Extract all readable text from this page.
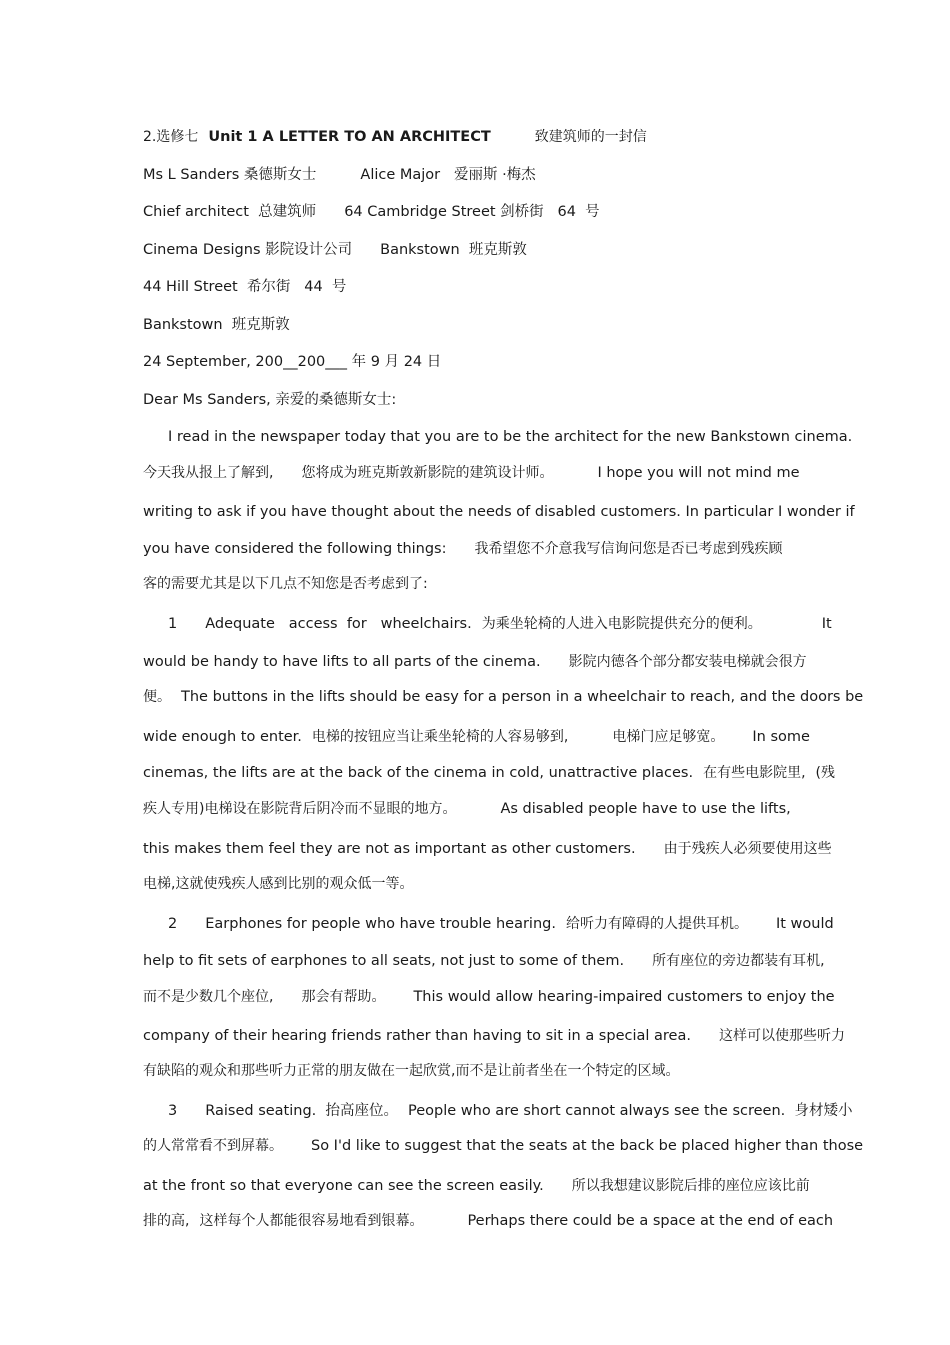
2.选修七 Unit 1 A LETTER TO AN ARCHITECT	致建筑师的一封信
Ms L Sanders 桑德斯女士	Alice Major   爱丽斯 ·梅杰
Chief architect  总建筑师 64 Cambridge Street 剑桥街   64  号
Cinema Designs 影院设计公司 Bankstown  班克斯敦
44 Hill Street  希尔街   44  号
Bankstown  班克斯敦
24 September, 200__200___ 年 9 月 24 日
Dear Ms Sanders, 亲爱的桑德斯女士:
I read in the newspaper today that you are to be the architect for the new Bankstown cinema.
今天我从报上了解到, 您将成为班克斯敦新影院的建筑设计师。	I hope you will not mind me
writing to ask if you have thought about the needs of disabled customers. In particular I wonder if
you have considered the following things: 我希望您不介意我写信询问您是否已考虑到残疾顾
客的需要尤其是以下几点不知您是否考虑到了:
1 Adequate   access  for   wheelchairs. 为乘坐轮椅的人进入电影院提供充分的便利。	It
would be handy to have lifts to all parts of the cinema. 影院内德各个部分都安装电梯就会很方
便。 The buttons in the lifts should be easy for a person in a wheelchair to reach, and the doors be
wide enough to enter. 电梯的按钮应当让乘坐轮椅的人容易够到,	电梯门应足够宽。 In some
cinemas, the lifts are at the back of the cinema in cold, unattractive places. 在有些电影院里, (残
疾人专用)电梯设在影院背后阴冷而不显眼的地方。	As disabled people have to use the lifts,
this makes them feel they are not as important as other customers. 由于残疾人必须要使用这些
电梯,这就使残疾人感到比别的观众低一等。
2 Earphones for people who have trouble hearing. 给听力有障碍的人提供耳机。 It would
help to fit sets of earphones to all seats, not just to some of them. 所有座位的旁边都装有耳机,
而不是少数几个座位, 那会有帮助。 This would allow hearing-impaired customers to enjoy the
company of their hearing friends rather than having to sit in a special area. 这样可以使那些听力
有缺陷的观众和那些听力正常的朋友做在一起欣赏,而不是让前者坐在一个特定的区域。
3 Raised seating.  抬高座位。 People who are short cannot always see the screen.  身材矮小
的人常常看不到屏幕。 So I'd like to suggest that the seats at the back be placed higher than those
at the front so that everyone can see the screen easily. 所以我想建议影院后排的座位应该比前
排的高, 这样每个人都能很容易地看到银幕。	Perhaps there could be a space at the end of each
